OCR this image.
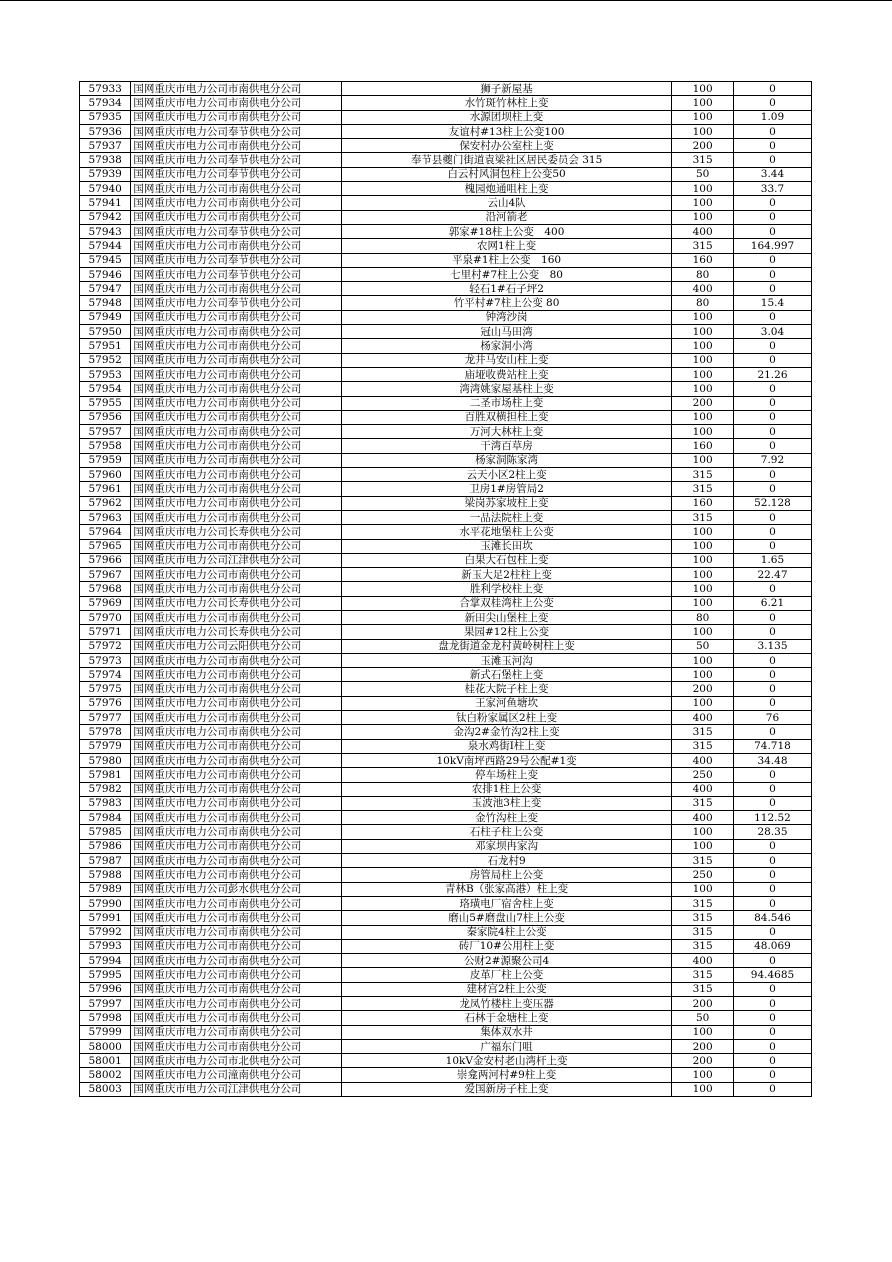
57933	国网重庆市电力公司市南供电分公司	狮子新屋基	100	0
57934	国网重庆市电力公司市南供电分公司	水竹斑竹林柱上变	100	0
57935	国网重庆市电力公司市南供电分公司	水源团坝柱上变	100	1.09
57936	国网重庆市电力公司奉节供电分公司	友谊村#13柱上公变100	100	0
57937	国网重庆市电力公司市南供电分公司	保安村办公室柱上变	200	0
57938	国网重庆市电力公司奉节供电分公司	奉节县夔门街道袁梁社区居民委员会 315	315	0
57939	国网重庆市电力公司奉节供电分公司	白云村风洞包柱上公变50	50	3.44
57940	国网重庆市电力公司市南供电分公司	槐园炮通咀柱上变	100	33.7
57941	国网重庆市电力公司市南供电分公司	云山4队	100	0
57942	国网重庆市电力公司市南供电分公司	沿河箭老	100	0
57943	国网重庆市电力公司奉节供电分公司	郭家#18柱上公变　400	400	0
57944	国网重庆市电力公司市南供电分公司	农网1柱上变	315	164.997
57945	国网重庆市电力公司奉节供电分公司	平泉#1柱上公变　160	160	0
57946	国网重庆市电力公司奉节供电分公司	七里村#7柱上公变　80	80	0
57947	国网重庆市电力公司市南供电分公司	轻石1#石子坪2	400	0
57948	国网重庆市电力公司奉节供电分公司	竹平村#7柱上公变 80	80	15.4
57949	国网重庆市电力公司市南供电分公司	钟湾沙岗	100	0
57950	国网重庆市电力公司市南供电分公司	冠山马田湾	100	3.04
57951	国网重庆市电力公司市南供电分公司	杨家洞小湾	100	0
57952	国网重庆市电力公司市南供电分公司	龙井马安山柱上变	100	0
57953	国网重庆市电力公司市南供电分公司	庙垭收费站柱上变	100	21.26
57954	国网重庆市电力公司市南供电分公司	湾湾姚家屋基柱上变	100	0
57955	国网重庆市电力公司市南供电分公司	二圣市场柱上变	200	0
57956	国网重庆市电力公司市南供电分公司	百胜双横担柱上变	100	0
57957	国网重庆市电力公司市南供电分公司	万河大林柱上变	100	0
57958	国网重庆市电力公司市南供电分公司	干湾百草房	160	0
57959	国网重庆市电力公司市南供电分公司	杨家洞陈家湾	100	7.92
57960	国网重庆市电力公司市南供电分公司	云天小区2柱上变	315	0
57961	国网重庆市电力公司市南供电分公司	卫房1#房管局2	315	0
57962	国网重庆市电力公司市南供电分公司	梁岗苏家坡柱上变	160	52.128
57963	国网重庆市电力公司市南供电分公司	一品法院柱上变	315	0
57964	国网重庆市电力公司长寿供电分公司	水平花地堡柱上公变	100	0
57965	国网重庆市电力公司市南供电分公司	玉滩长田坎	100	0
57966	国网重庆市电力公司江津供电分公司	白果大石包柱上变	100	1.65
57967	国网重庆市电力公司市南供电分公司	新玉大足2柱柱上变	100	22.47
57968	国网重庆市电力公司市南供电分公司	胜利学校柱上变	100	0
57969	国网重庆市电力公司长寿供电分公司	合掌双桂湾柱上公变	100	6.21
57970	国网重庆市电力公司市南供电分公司	新田尖山堡柱上变	80	0
57971	国网重庆市电力公司长寿供电分公司	果园#12柱上公变	100	0
57972	国网重庆市电力公司云阳供电分公司	盘龙街道金龙村黄岭树柱上变	50	3.135
57973	国网重庆市电力公司市南供电分公司	玉滩玉河沟	100	0
57974	国网重庆市电力公司市南供电分公司	新式石堡柱上变	100	0
57975	国网重庆市电力公司市南供电分公司	桂花大院子柱上变	200	0
57976	国网重庆市电力公司市南供电分公司	王家河鱼塘坎	100	0
57977	国网重庆市电力公司市南供电分公司	钛白粉家属区2柱上变	400	76
57978	国网重庆市电力公司市南供电分公司	金沟2#金竹沟2柱上变	315	0
57979	国网重庆市电力公司市南供电分公司	泉水鸡街Ⅰ柱上变	315	74.718
57980	国网重庆市电力公司市南供电分公司	10kV南坪西路29号公配#1变	400	34.48
57981	国网重庆市电力公司市南供电分公司	停车场柱上变	250	0
57982	国网重庆市电力公司市南供电分公司	农排1柱上公变	400	0
57983	国网重庆市电力公司市南供电分公司	玉波池3柱上变	315	0
57984	国网重庆市电力公司市南供电分公司	金竹沟柱上变	400	112.52
57985	国网重庆市电力公司市南供电分公司	石柱子柱上公变	100	28.35
57986	国网重庆市电力公司市南供电分公司	邓家坝冉家沟	100	0
57987	国网重庆市电力公司市南供电分公司	石龙村9	315	0
57988	国网重庆市电力公司市南供电分公司	房管局柱上公变	250	0
57989	国网重庆市电力公司彭水供电分公司	青林B（张家高港）柱上变	100	0
57990	国网重庆市电力公司市南供电分公司	珞璜电厂宿舍柱上变	315	0
57991	国网重庆市电力公司市南供电分公司	磨山5#磨盘山7柱上公变	315	84.546
57992	国网重庆市电力公司市南供电分公司	秦家院4柱上公变	315	0
57993	国网重庆市电力公司市南供电分公司	砖厂10#公用柱上变	315	48.069
57994	国网重庆市电力公司市南供电分公司	公财2#源聚公司4	400	0
57995	国网重庆市电力公司市南供电分公司	皮革厂柱上公变	315	94.4685
57996	国网重庆市电力公司市南供电分公司	建材宫2柱上公变	315	0
57997	国网重庆市电力公司市南供电分公司	龙凤竹楼柱上变压器	200	0
57998	国网重庆市电力公司市南供电分公司	石林于金塘柱上变	50	0
57999	国网重庆市电力公司市南供电分公司	集体双水井	100	0
58000	国网重庆市电力公司市南供电分公司	广福东门咀	200	0
58001	国网重庆市电力公司市北供电分公司	10kV金安村老山湾杆上变	200	0
58002	国网重庆市电力公司潼南供电分公司	崇龛两河村#9柱上变	100	0
58003	国网重庆市电力公司江津供电分公司	爱国新房子柱上变	100	0
